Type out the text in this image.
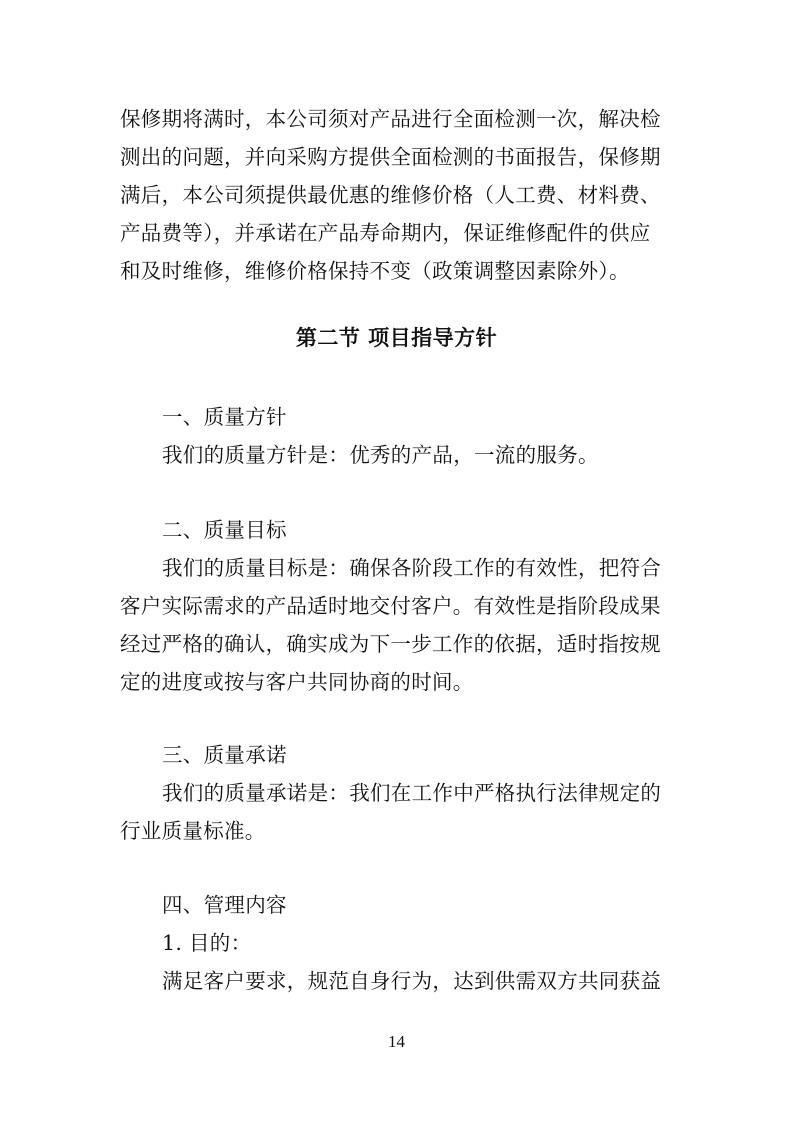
保修期将满时，本公司须对产品进行全面检测一次，解决检
测出的问题，并向采购方提供全面检测的书面报告，保修期
满后，本公司须提供最优惠的维修价格（人工费、材料费、
产品费等），并承诺在产品寿命期内，保证维修配件的供应
和及时维修，维修价格保持不变（政策调整因素除外）。
第二节 项目指导方针

一、质量方针

我们的质量方针是：优秀的产品，一流的服务。

二、质量目标

我们的质量目标是：确保各阶段工作的有效性，把符合
客户实际需求的产品适时地交付客户。有效性是指阶段成果
经过严格的确认，确实成为下一步工作的依据，适时指按规
定的进度或按与客户共同协商的时间。

三、质量承诺

我们的质量承诺是：我们在工作中严格执行法律规定的
行业质量标准。

四、管理内容

1. 目的：

满足客户要求，规范自身行为，达到供需双方共同获益

14
